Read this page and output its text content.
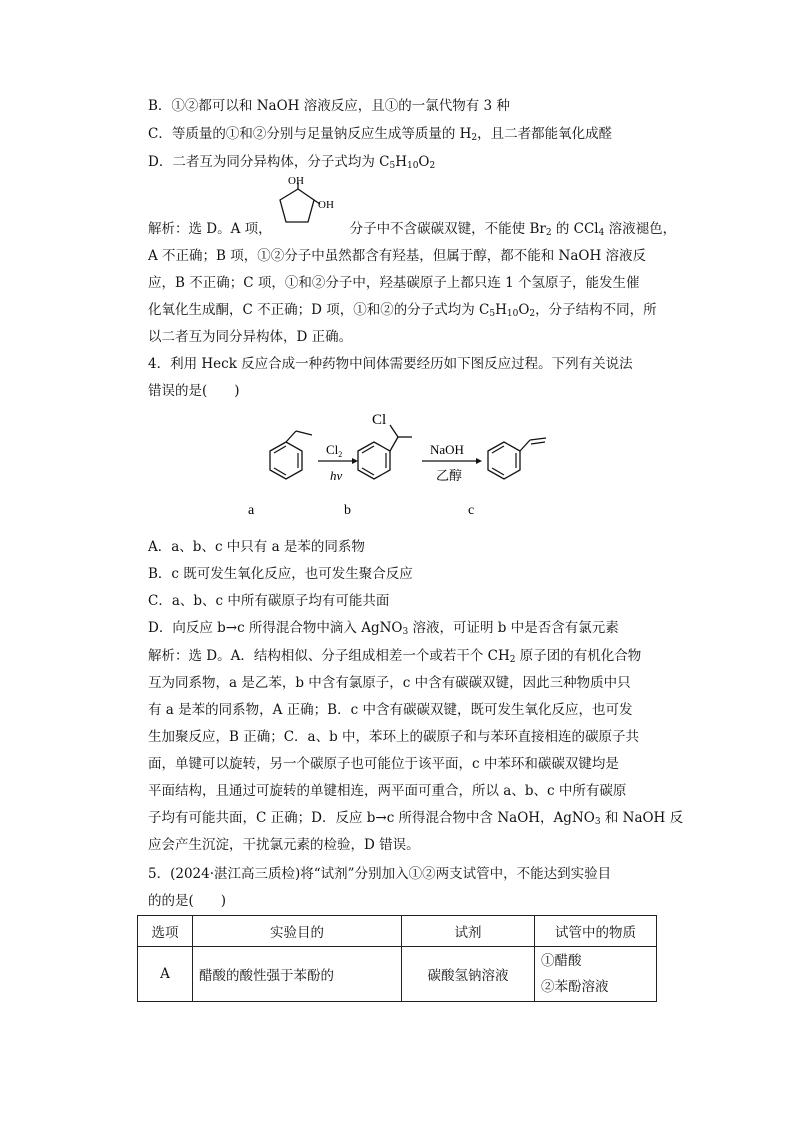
B．①②都可以和 NaOH 溶液反应，且①的一氯代物有 3 种
C．等质量的①和②分别与足量钠反应生成等质量的 $H_2$，且二者都能氧化成醛
D．二者互为同分异构体，分子式均为 $C_5H_{10}O_2$
OH
OH
解析：选 D。A 项，	分子中不含碳碳双键，不能使 $Br_2$ 的 CCl$_4$ 溶液褪色，
A 不正确；B 项，①②分子中虽然都含有羟基，但属于醇，都不能和 NaOH 溶液反
应，B 不正确；C 项，①和②分子中，羟基碳原子上都只连 1 个氢原子，能发生催
化氧化生成酮，C 不正确；D 项，①和②的分子式均为 $C_5H_{10}O_2$，分子结构不同，所
以二者互为同分异构体，D 正确。
4．利用 Heck 反应合成一种药物中间体需要经历如下图反应过程。下列有关说法
错误的是(　　)
$Cl_2$
hν
Cl
NaOH
乙醇
a	b	c
A．a、b、c 中只有 a 是苯的同系物
B．c 既可发生氧化反应，也可发生聚合反应
C．a、b、c 中所有碳原子均有可能共面
D．向反应 b→c 所得混合物中滴入 AgNO$_3$ 溶液，可证明 b 中是否含有氯元素
解析：选 D。A．结构相似、分子组成相差一个或若干个 $CH_2$ 原子团的有机化合物
互为同系物，a 是乙苯，b 中含有氯原子，c 中含有碳碳双键，因此三种物质中只
有 a 是苯的同系物，A 正确；B．c 中含有碳碳双键，既可发生氧化反应，也可发
生加聚反应，B 正确；C．a、b 中，苯环上的碳原子和与苯环直接相连的碳原子共
面，单键可以旋转，另一个碳原子也可能位于该平面，c 中苯环和碳碳双键均是
平面结构，且通过可旋转的单键相连，两平面可重合，所以 a、b、c 中所有碳原
子均有可能共面，C 正确；D．反应 b→c 所得混合物中含 NaOH，AgNO$_3$ 和 NaOH 反
应会产生沉淀，干扰氯元素的检验，D 错误。
5．(2024·湛江高三质检)将“试剂”分别加入①②两支试管中，不能达到实验目
的的是(　　)
选项	实验目的	试剂	试管中的物质
A	醋酸的酸性强于苯酚的	碳酸氢钠溶液	①醋酸
②苯酚溶液
